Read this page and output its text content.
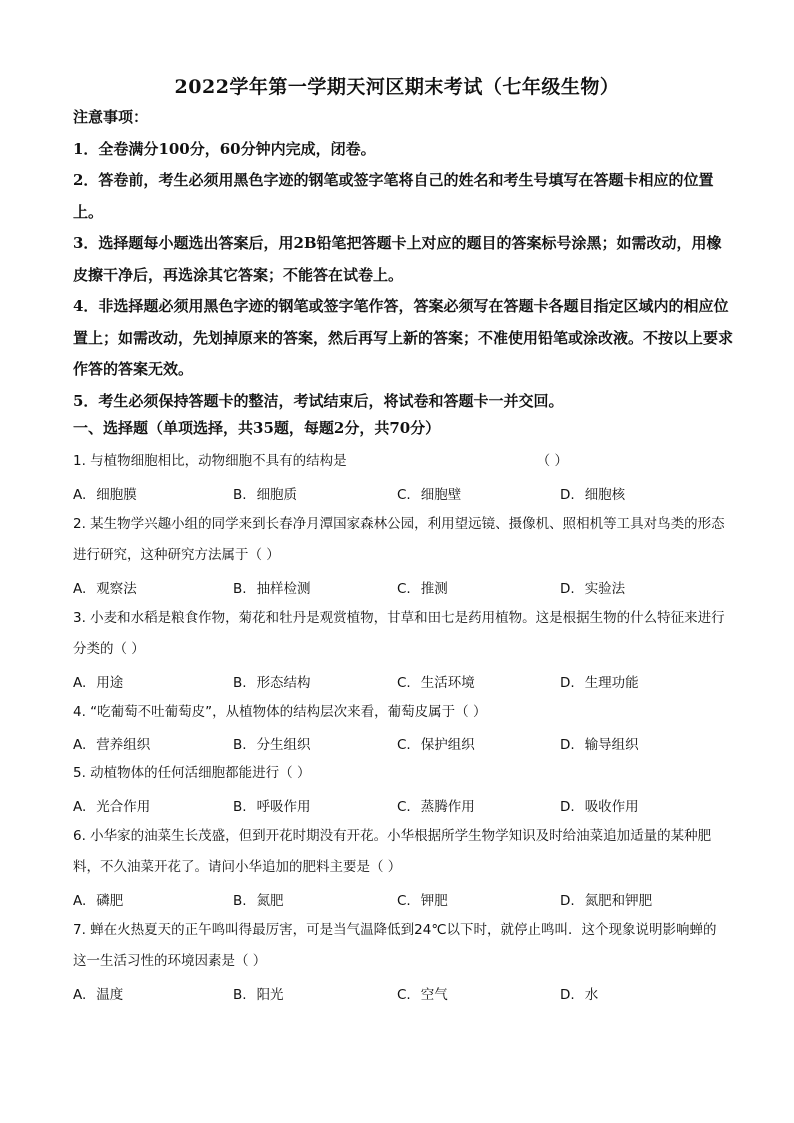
2022学年第一学期天河区期末考试（七年级生物）

注意事项：

1．全卷满分100分，60分钟内完成，闭卷。

2．答卷前，考生必须用黑色字迹的钢笔或签字笔将自己的姓名和考生号填写在答题卡相应的位置上。

3．选择题每小题选出答案后，用2B铅笔把答题卡上对应的题目的答案标号涂黑；如需改动，用橡皮擦干净后，再选涂其它答案；不能答在试卷上。

4．非选择题必须用黑色字迹的钢笔或签字笔作答，答案必须写在答题卡各题目指定区域内的相应位置上；如需改动，先划掉原来的答案，然后再写上新的答案；不准使用铅笔或涂改液。不按以上要求作答的答案无效。

5．考生必须保持答题卡的整洁，考试结束后，将试卷和答题卡一并交回。

一、选择题（单项选择，共35题，每题2分，共70分）

1. 与植物细胞相比，动物细胞不具有的结构是	（ ）

A. 细胞膜	B. 细胞质	C. 细胞壁	D. 细胞核

2. 某生物学兴趣小组的同学来到长春净月潭国家森林公园，利用望远镜、摄像机、照相机等工具对鸟类的形态进行研究，这种研究方法属于（ ）

A. 观察法	B. 抽样检测	C. 推测	D. 实验法

3. 小麦和水稻是粮食作物，菊花和牡丹是观赏植物，甘草和田七是药用植物。这是根据生物的什么特征来进行分类的（ ）

A. 用途	B. 形态结构	C. 生活环境	D. 生理功能

4. “吃葡萄不吐葡萄皮”，从植物体的结构层次来看，葡萄皮属于（ ）

A. 营养组织	B. 分生组织	C. 保护组织	D. 输导组织

5. 动植物体的任何活细胞都能进行（ ）

A. 光合作用	B. 呼吸作用	C. 蒸腾作用	D. 吸收作用

6. 小华家的油菜生长茂盛，但到开花时期没有开花。小华根据所学生物学知识及时给油菜追加适量的某种肥料，不久油菜开花了。请问小华追加的肥料主要是（ ）

A. 磷肥	B. 氮肥	C. 钾肥	D. 氮肥和钾肥

7. 蝉在火热夏天的正午鸣叫得最厉害，可是当气温降低到24℃以下时，就停止鸣叫．这个现象说明影响蝉的这一生活习性的环境因素是（ ）

A. 温度	B. 阳光	C. 空气	D. 水
